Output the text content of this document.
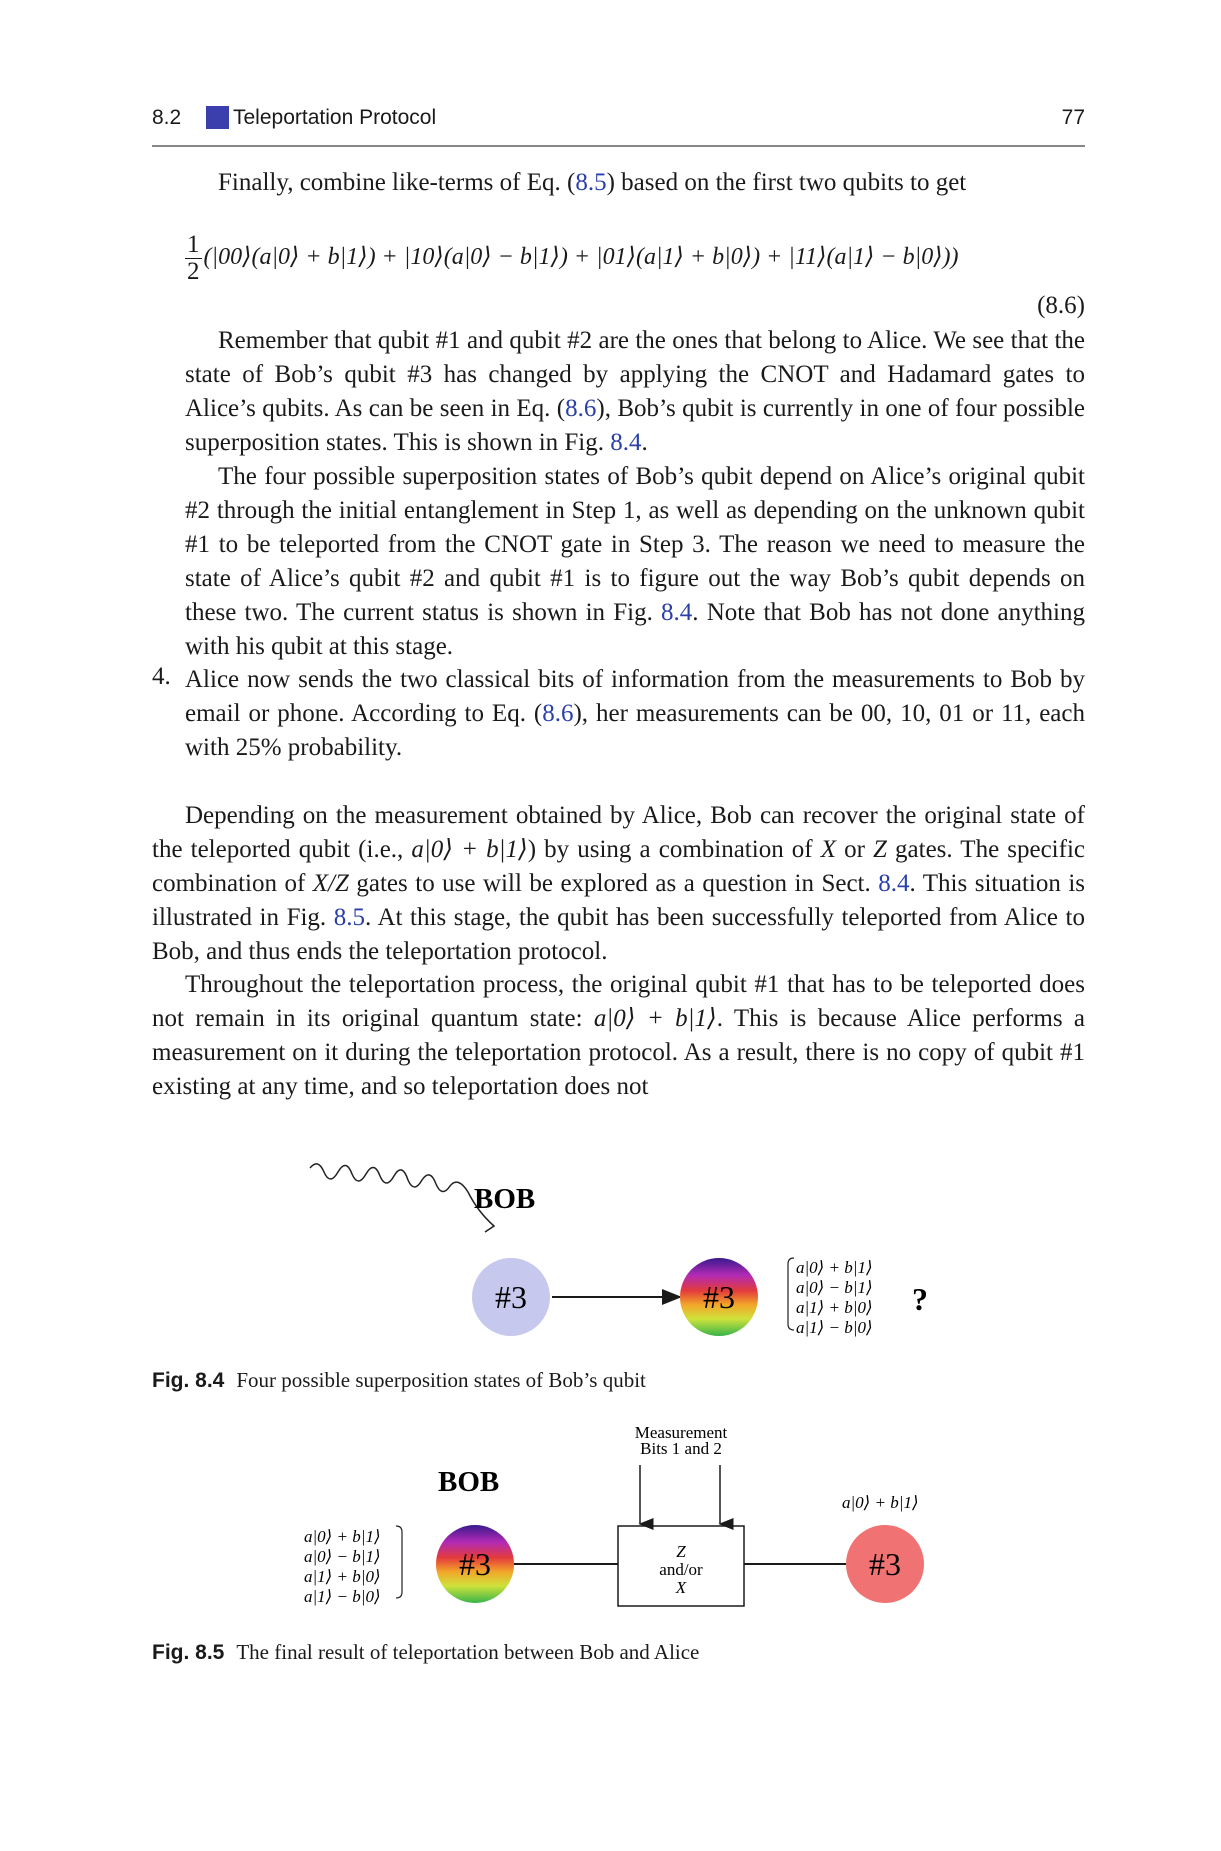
8.2 Teleportation Protocol	77
Finally, combine like-terms of Eq. (8.5) based on the first two qubits to get
$\frac{1}{2}$ (|00⟩(a|0⟩ + b|1⟩) + |10⟩(a|0⟩ − b|1⟩) + |01⟩(a|1⟩ + b|0⟩) + |11⟩(a|1⟩ − b|0⟩))
(8.6)

Remember that qubit #1 and qubit #2 are the ones that belong to Alice. We see that the state of Bob’s qubit #3 has changed by applying the CNOT and Hadamard gates to Alice’s qubits. As can be seen in Eq. (8.6), Bob’s qubit is currently in one of four possible superposition states. This is shown in Fig. 8.4.

The four possible superposition states of Bob’s qubit depend on Alice’s original qubit #2 through the initial entanglement in Step 1, as well as depending on the unknown qubit #1 to be teleported from the CNOT gate in Step 3. The reason we need to measure the state of Alice’s qubit #2 and qubit #1 is to figure out the way Bob’s qubit depends on these two. The current status is shown in Fig. 8.4. Note that Bob has not done anything with his qubit at this stage.

4. Alice now sends the two classical bits of information from the measurements to Bob by email or phone. According to Eq. (8.6), her measurements can be 00, 10, 01 or 11, each with 25% probability.

Depending on the measurement obtained by Alice, Bob can recover the original state of the teleported qubit (i.e., a|0⟩ + b|1⟩) by using a combination of X or Z gates. The specific combination of X/Z gates to use will be explored as a question in Sect. 8.4. This situation is illustrated in Fig. 8.5. At this stage, the qubit has been successfully teleported from Alice to Bob, and thus ends the teleportation protocol.

Throughout the teleportation process, the original qubit #1 that has to be teleported does not remain in its original quantum state: a|0⟩ + b|1⟩. This is because Alice performs a measurement on it during the teleportation protocol. As a result, there is no copy of qubit #1 existing at any time, and so teleportation does not

BOB
#3	#3
a|0⟩ + b|1⟩
a|0⟩ − b|1⟩
a|1⟩ + b|0⟩
a|1⟩ − b|0⟩
?
Fig. 8.4 Four possible superposition states of Bob’s qubit
BOB
a|0⟩ + b|1⟩
a|0⟩ − b|1⟩
a|1⟩ + b|0⟩
a|1⟩ − b|0⟩
#3	Z
and/or
X
Measurement
Bits 1 and 2
a|0⟩ + b|1⟩
#3
Fig. 8.5 The final result of teleportation between Bob and Alice
